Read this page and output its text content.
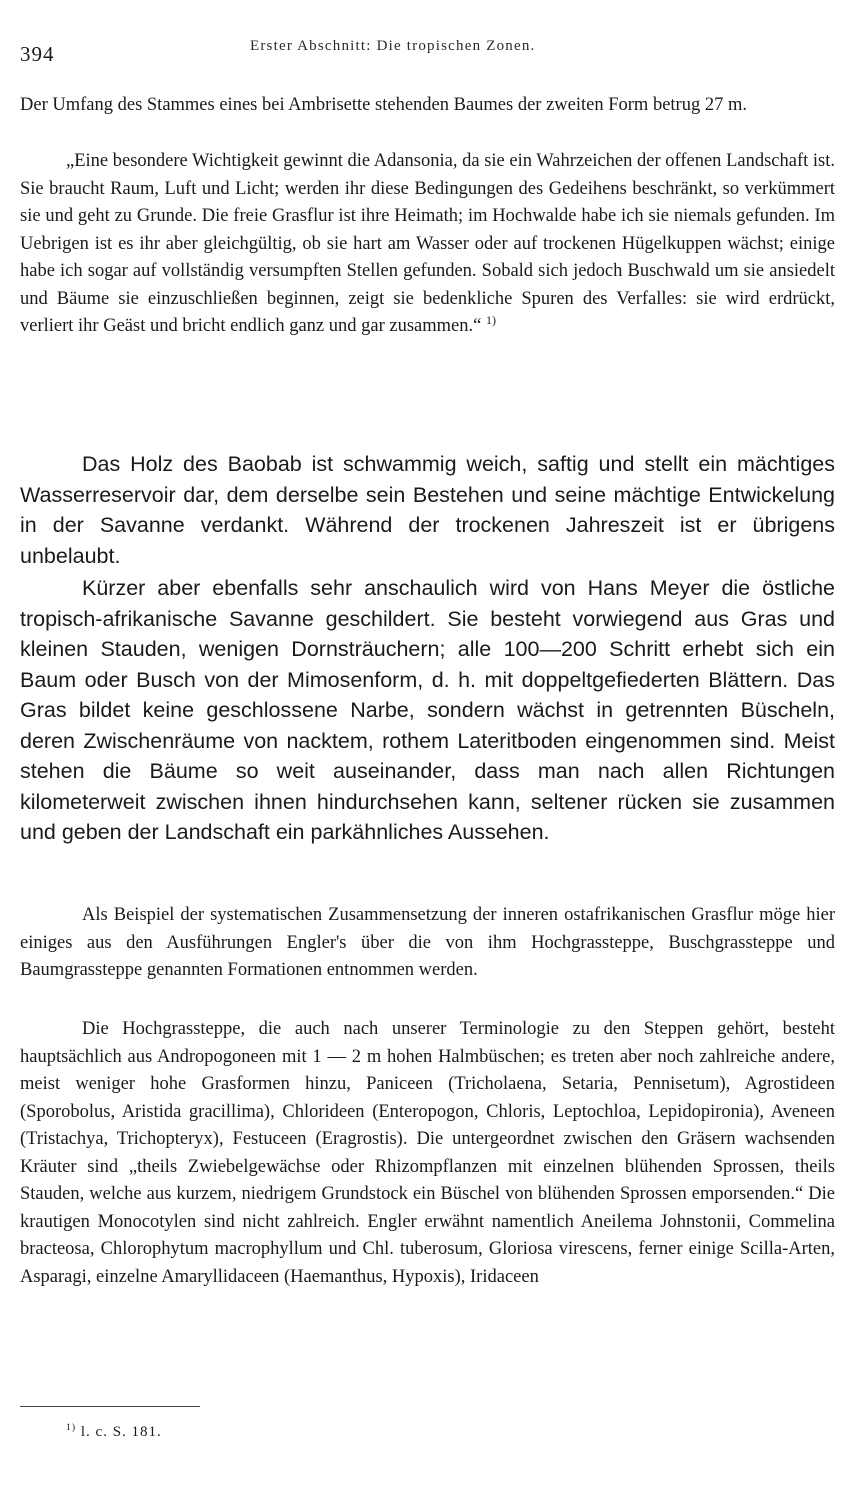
394	Erster Abschnitt: Die tropischen Zonen.

Der Umfang des Stammes eines bei Ambrisette stehenden Baumes der zweiten Form betrug 27 m.

„Eine besondere Wichtigkeit gewinnt die Adansonia, da sie ein Wahrzeichen der offenen Landschaft ist. Sie braucht Raum, Luft und Licht; werden ihr diese Bedingungen des Gedeihens beschränkt, so verkümmert sie und geht zu Grunde. Die freie Grasflur ist ihre Heimath; im Hochwalde habe ich sie niemals gefunden. Im Uebrigen ist es ihr aber gleichgültig, ob sie hart am Wasser oder auf trockenen Hügelkuppen wächst; einige habe ich sogar auf vollständig versumpften Stellen gefunden. Sobald sich jedoch Buschwald um sie ansiedelt und Bäume sie einzuschließen beginnen, zeigt sie bedenkliche Spuren des Verfalles: sie wird erdrückt, verliert ihr Geäst und bricht endlich ganz und gar zusammen.“ $^{1)}$

Das Holz des Baobab ist schwammig weich, saftig und stellt ein mächtiges Wasserreservoir dar, dem derselbe sein Bestehen und seine mächtige Entwickelung in der Savanne verdankt. Während der trockenen Jahreszeit ist er übrigens unbelaubt.

Kürzer aber ebenfalls sehr anschaulich wird von Hans Meyer die östliche tropisch-afrikanische Savanne geschildert. Sie besteht vorwiegend aus Gras und kleinen Stauden, wenigen Dornsträuchern; alle 100—200 Schritt erhebt sich ein Baum oder Busch von der Mimosenform, d. h. mit doppeltgefiederten Blättern. Das Gras bildet keine geschlossene Narbe, sondern wächst in getrennten Büscheln, deren Zwischenräume von nacktem, rothem Lateritboden eingenommen sind. Meist stehen die Bäume so weit auseinander, dass man nach allen Richtungen kilometerweit zwischen ihnen hindurchsehen kann, seltener rücken sie zusammen und geben der Landschaft ein parkähnliches Aussehen.

Als Beispiel der systematischen Zusammensetzung der inneren ostafrikanischen Grasflur möge hier einiges aus den Ausführungen Engler's über die von ihm Hochgrassteppe, Buschgrassteppe und Baumgrassteppe genannten Formationen entnommen werden.

Die Hochgrassteppe, die auch nach unserer Terminologie zu den Steppen gehört, besteht hauptsächlich aus Andropogoneen mit 1 — 2 m hohen Halmbüschen; es treten aber noch zahlreiche andere, meist weniger hohe Grasformen hinzu, Paniceen (Tricholaena, Setaria, Pennisetum), Agrostideen (Sporobolus, Aristida gracillima), Chlorideen (Enteropogon, Chloris, Leptochloa, Lepidopironia), Aveneen (Tristachya, Trichopteryx), Festuceen (Eragrostis). Die untergeordnet zwischen den Gräsern wachsenden Kräuter sind „theils Zwiebelgewächse oder Rhizompflanzen mit einzelnen blühenden Sprossen, theils Stauden, welche aus kurzem, niedrigem Grundstock ein Büschel von blühenden Sprossen emporsenden.“ Die krautigen Monocotylen sind nicht zahlreich. Engler erwähnt namentlich Aneilema Johnstonii, Commelina bracteosa, Chlorophytum macrophyllum und Chl. tuberosum, Gloriosa virescens, ferner einige Scilla-Arten, Asparagi, einzelne Amaryllidaceen (Haemanthus, Hypoxis), Iridaceen

$^{1)}$ l. c. S. 181.
